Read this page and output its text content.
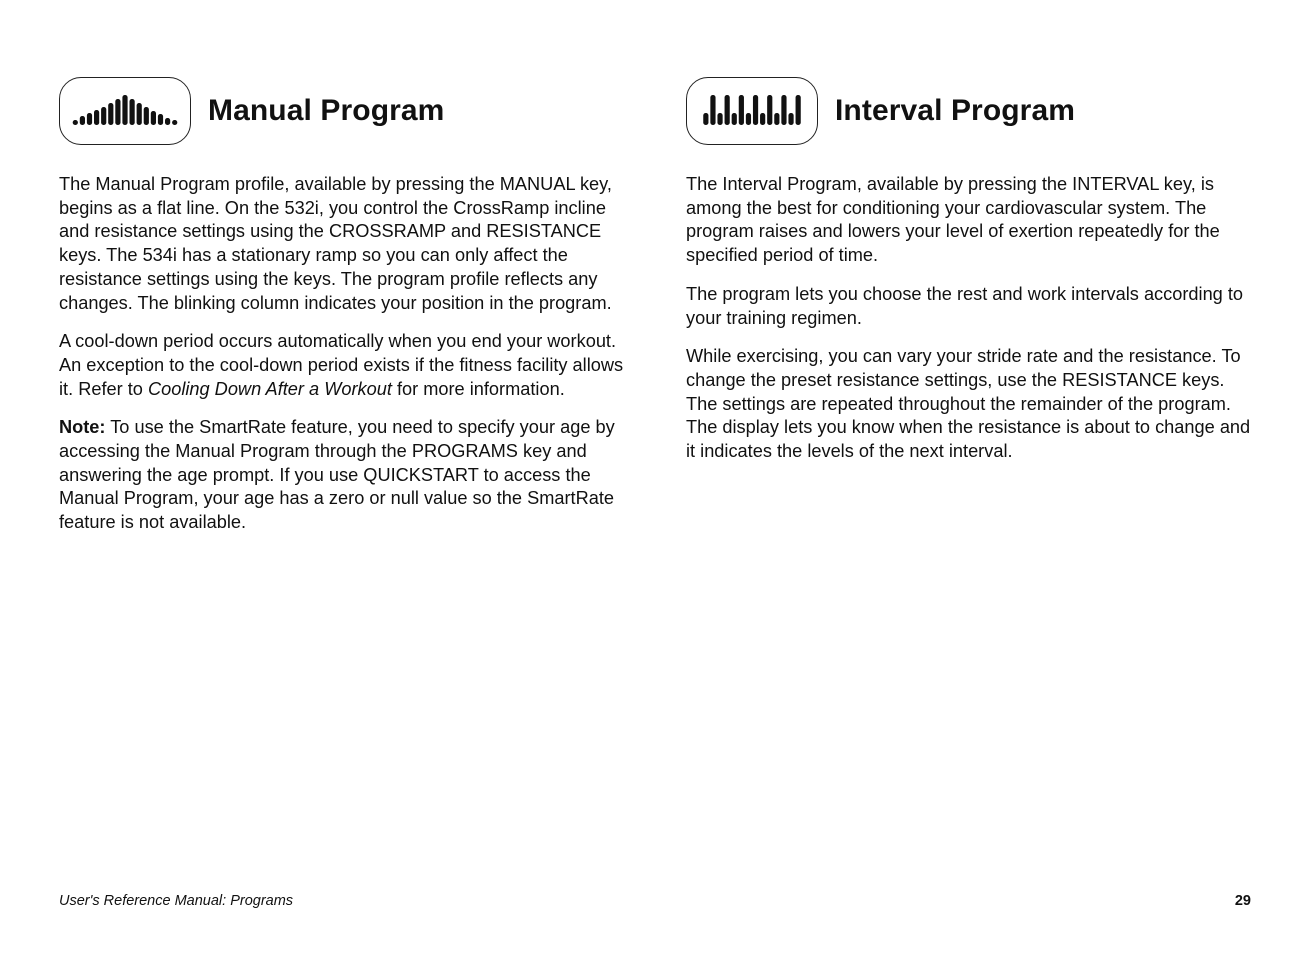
Manual Program

The Manual Program profile, available by pressing the MANUAL key, begins as a flat line. On the 532i, you control the CrossRamp incline and resistance settings using the CROSSRAMP and RESISTANCE keys. The 534i has a stationary ramp so you can only affect the resistance settings using the keys. The program profile reflects any changes. The blinking column indicates your position in the program.

A cool-down period occurs automatically when you end your workout. An exception to the cool-down period exists if the fitness facility allows it. Refer to Cooling Down After a Workout for more information.

Note: To use the SmartRate feature, you need to specify your age by accessing the Manual Program through the PROGRAMS key and answering the age prompt. If you use QUICKSTART to access the Manual Program, your age has a zero or null value so the SmartRate feature is not available.

Interval Program

The Interval Program, available by pressing the INTERVAL key, is among the best for conditioning your cardiovascular system. The program raises and lowers your level of exertion repeatedly for the specified period of time.

The program lets you choose the rest and work intervals according to your training regimen.

While exercising, you can vary your stride rate and the resistance. To change the preset resistance settings, use the RESISTANCE keys. The settings are repeated throughout the remainder of the program. The display lets you know when the resistance is about to change and it indicates the levels of the next interval.

User's Reference Manual: Programs	29
